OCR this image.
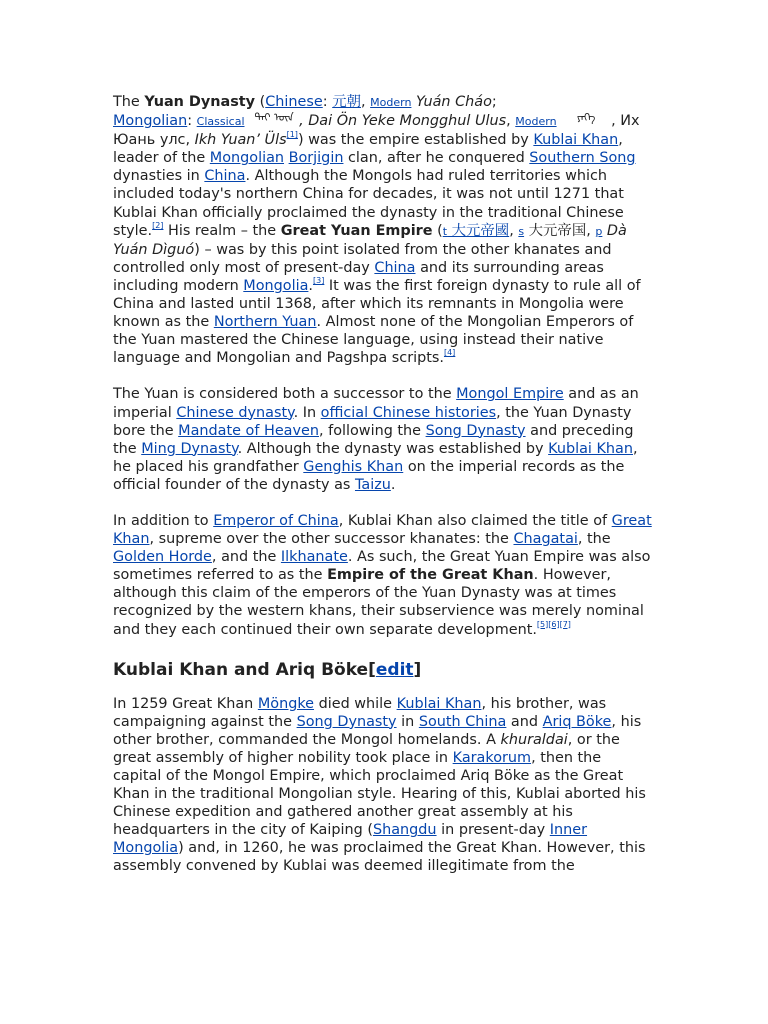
The Yuan Dynasty (Chinese: 元朝, Modern Yuán Cháo;
Mongolian: Classical ᠳᠠᠢ ᠥᠨ , Dai Ön Yeke Mongghul Ulus, Modern ᠶᠡᠬᠡ , Их Юань улс, Ikh Yuan’ Üls[1]) was the empire established by Kublai Khan, leader of the Mongolian Borjigin clan, after he conquered Southern Song dynasties in China. Although the Mongols had ruled territories which included today's northern China for decades, it was not until 1271 that Kublai Khan officially proclaimed the dynasty in the traditional Chinese style.[2] His realm – the Great Yuan Empire (t 大元帝國, s 大元帝国, p Dà Yuán Dìguó) – was by this point isolated from the other khanates and controlled only most of present-day China and its surrounding areas including modern Mongolia.[3] It was the first foreign dynasty to rule all of China and lasted until 1368, after which its remnants in Mongolia were known as the Northern Yuan. Almost none of the Mongolian Emperors of the Yuan mastered the Chinese language, using instead their native language and Mongolian and Pagshpa scripts.[4]

The Yuan is considered both a successor to the Mongol Empire and as an imperial Chinese dynasty. In official Chinese histories, the Yuan Dynasty bore the Mandate of Heaven, following the Song Dynasty and preceding the Ming Dynasty. Although the dynasty was established by Kublai Khan, he placed his grandfather Genghis Khan on the imperial records as the official founder of the dynasty as Taizu.

In addition to Emperor of China, Kublai Khan also claimed the title of Great Khan, supreme over the other successor khanates: the Chagatai, the Golden Horde, and the Ilkhanate. As such, the Great Yuan Empire was also sometimes referred to as the Empire of the Great Khan. However, although this claim of the emperors of the Yuan Dynasty was at times recognized by the western khans, their subservience was merely nominal and they each continued their own separate development.[5][6][7]

Kublai Khan and Ariq Böke[edit]

In 1259 Great Khan Möngke died while Kublai Khan, his brother, was campaigning against the Song Dynasty in South China and Ariq Böke, his other brother, commanded the Mongol homelands. A khuraldai, or the great assembly of higher nobility took place in Karakorum, then the capital of the Mongol Empire, which proclaimed Ariq Böke as the Great Khan in the traditional Mongolian style. Hearing of this, Kublai aborted his Chinese expedition and gathered another great assembly at his headquarters in the city of Kaiping (Shangdu in present-day Inner Mongolia) and, in 1260, he was proclaimed the Great Khan. However, this assembly convened by Kublai was deemed illegitimate from the
